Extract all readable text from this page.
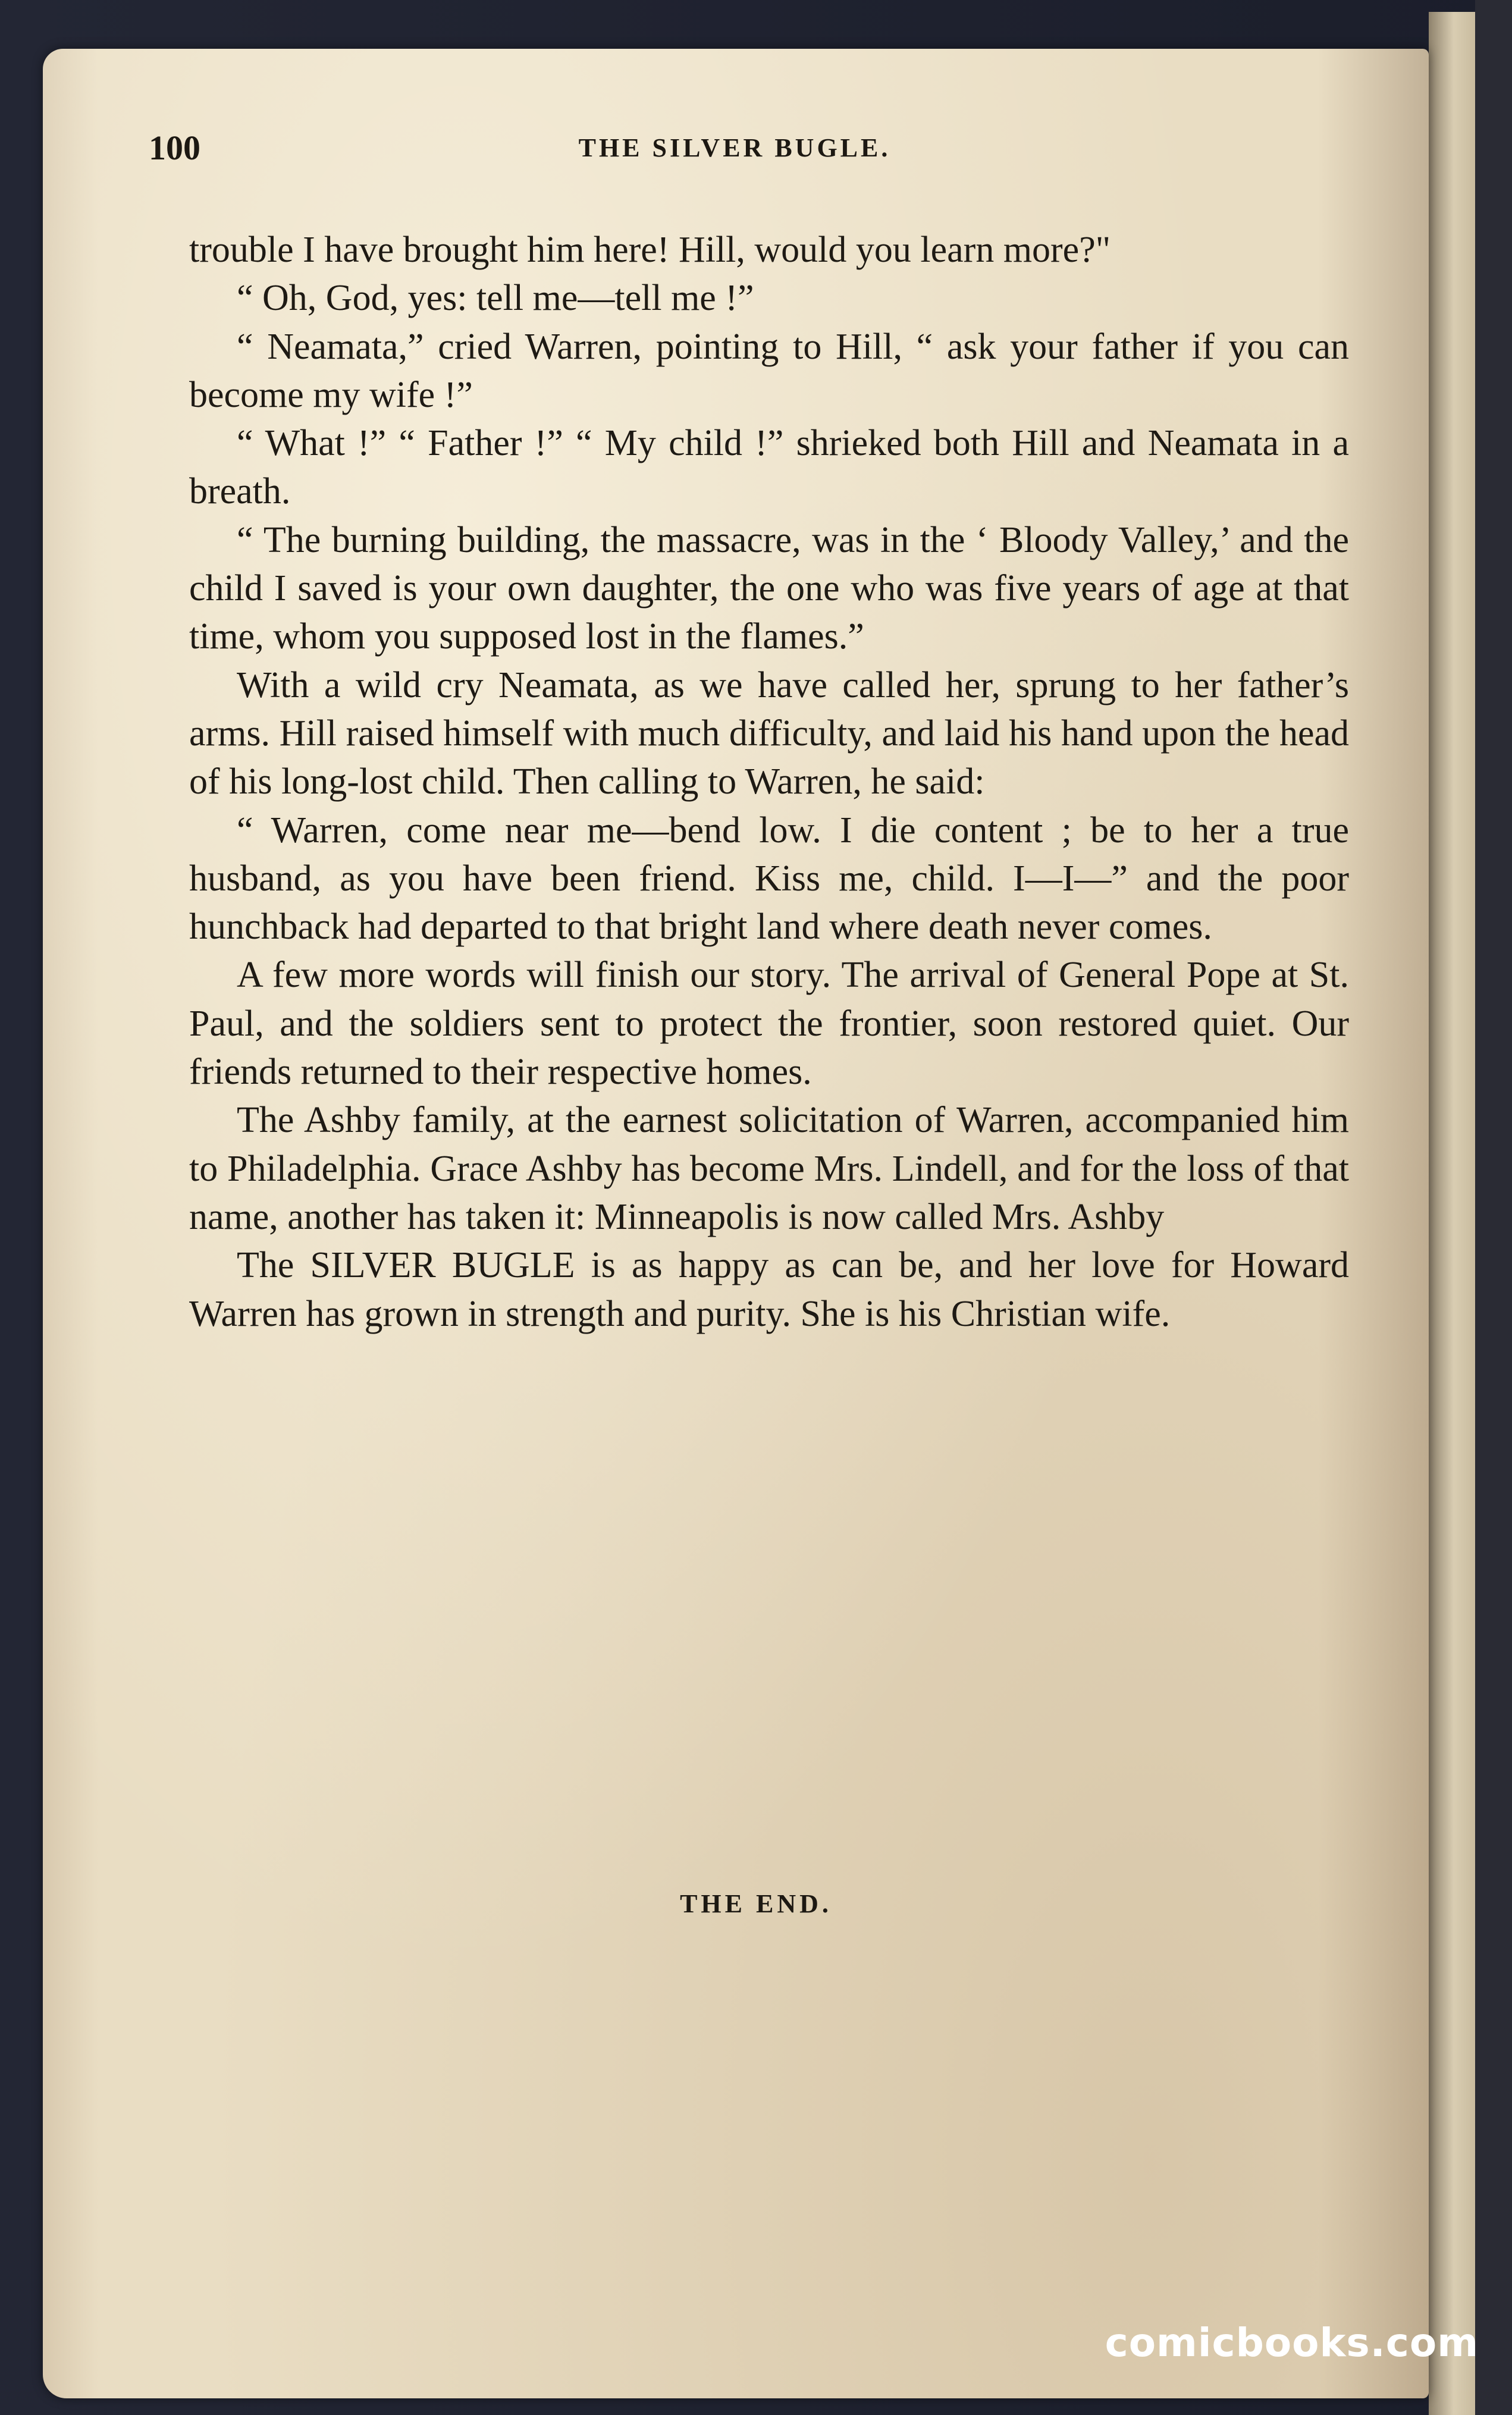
100	THE SILVER BUGLE.

trouble I have brought him here! Hill, would you learn more?"

“ Oh, God, yes: tell me—tell me !”

“ Neamata,” cried Warren, pointing to Hill, “ ask your father if you can become my wife !”

“ What !” “ Father !” “ My child !” shrieked both Hill and Neamata in a breath.

“ The burning building, the massacre, was in the ‘ Bloody Valley,’ and the child I saved is your own daughter, the one who was five years of age at that time, whom you supposed lost in the flames.”

With a wild cry Neamata, as we have called her, sprung to her father’s arms. Hill raised himself with much difficulty, and laid his hand upon the head of his long-lost child. Then calling to Warren, he said:

“ Warren, come near me—bend low. I die content ; be to her a true husband, as you have been friend. Kiss me, child. I—I—” and the poor hunchback had departed to that bright land where death never comes.

A few more words will finish our story. The arrival of General Pope at St. Paul, and the soldiers sent to protect the frontier, soon restored quiet. Our friends returned to their respective homes.

The Ashby family, at the earnest solicitation of Warren, accompanied him to Philadelphia. Grace Ashby has become Mrs. Lindell, and for the loss of that name, another has taken it: Minneapolis is now called Mrs. Ashby

The SILVER BUGLE is as happy as can be, and her love for Howard Warren has grown in strength and purity. She is his Christian wife.

THE END.
comicbooks.com
